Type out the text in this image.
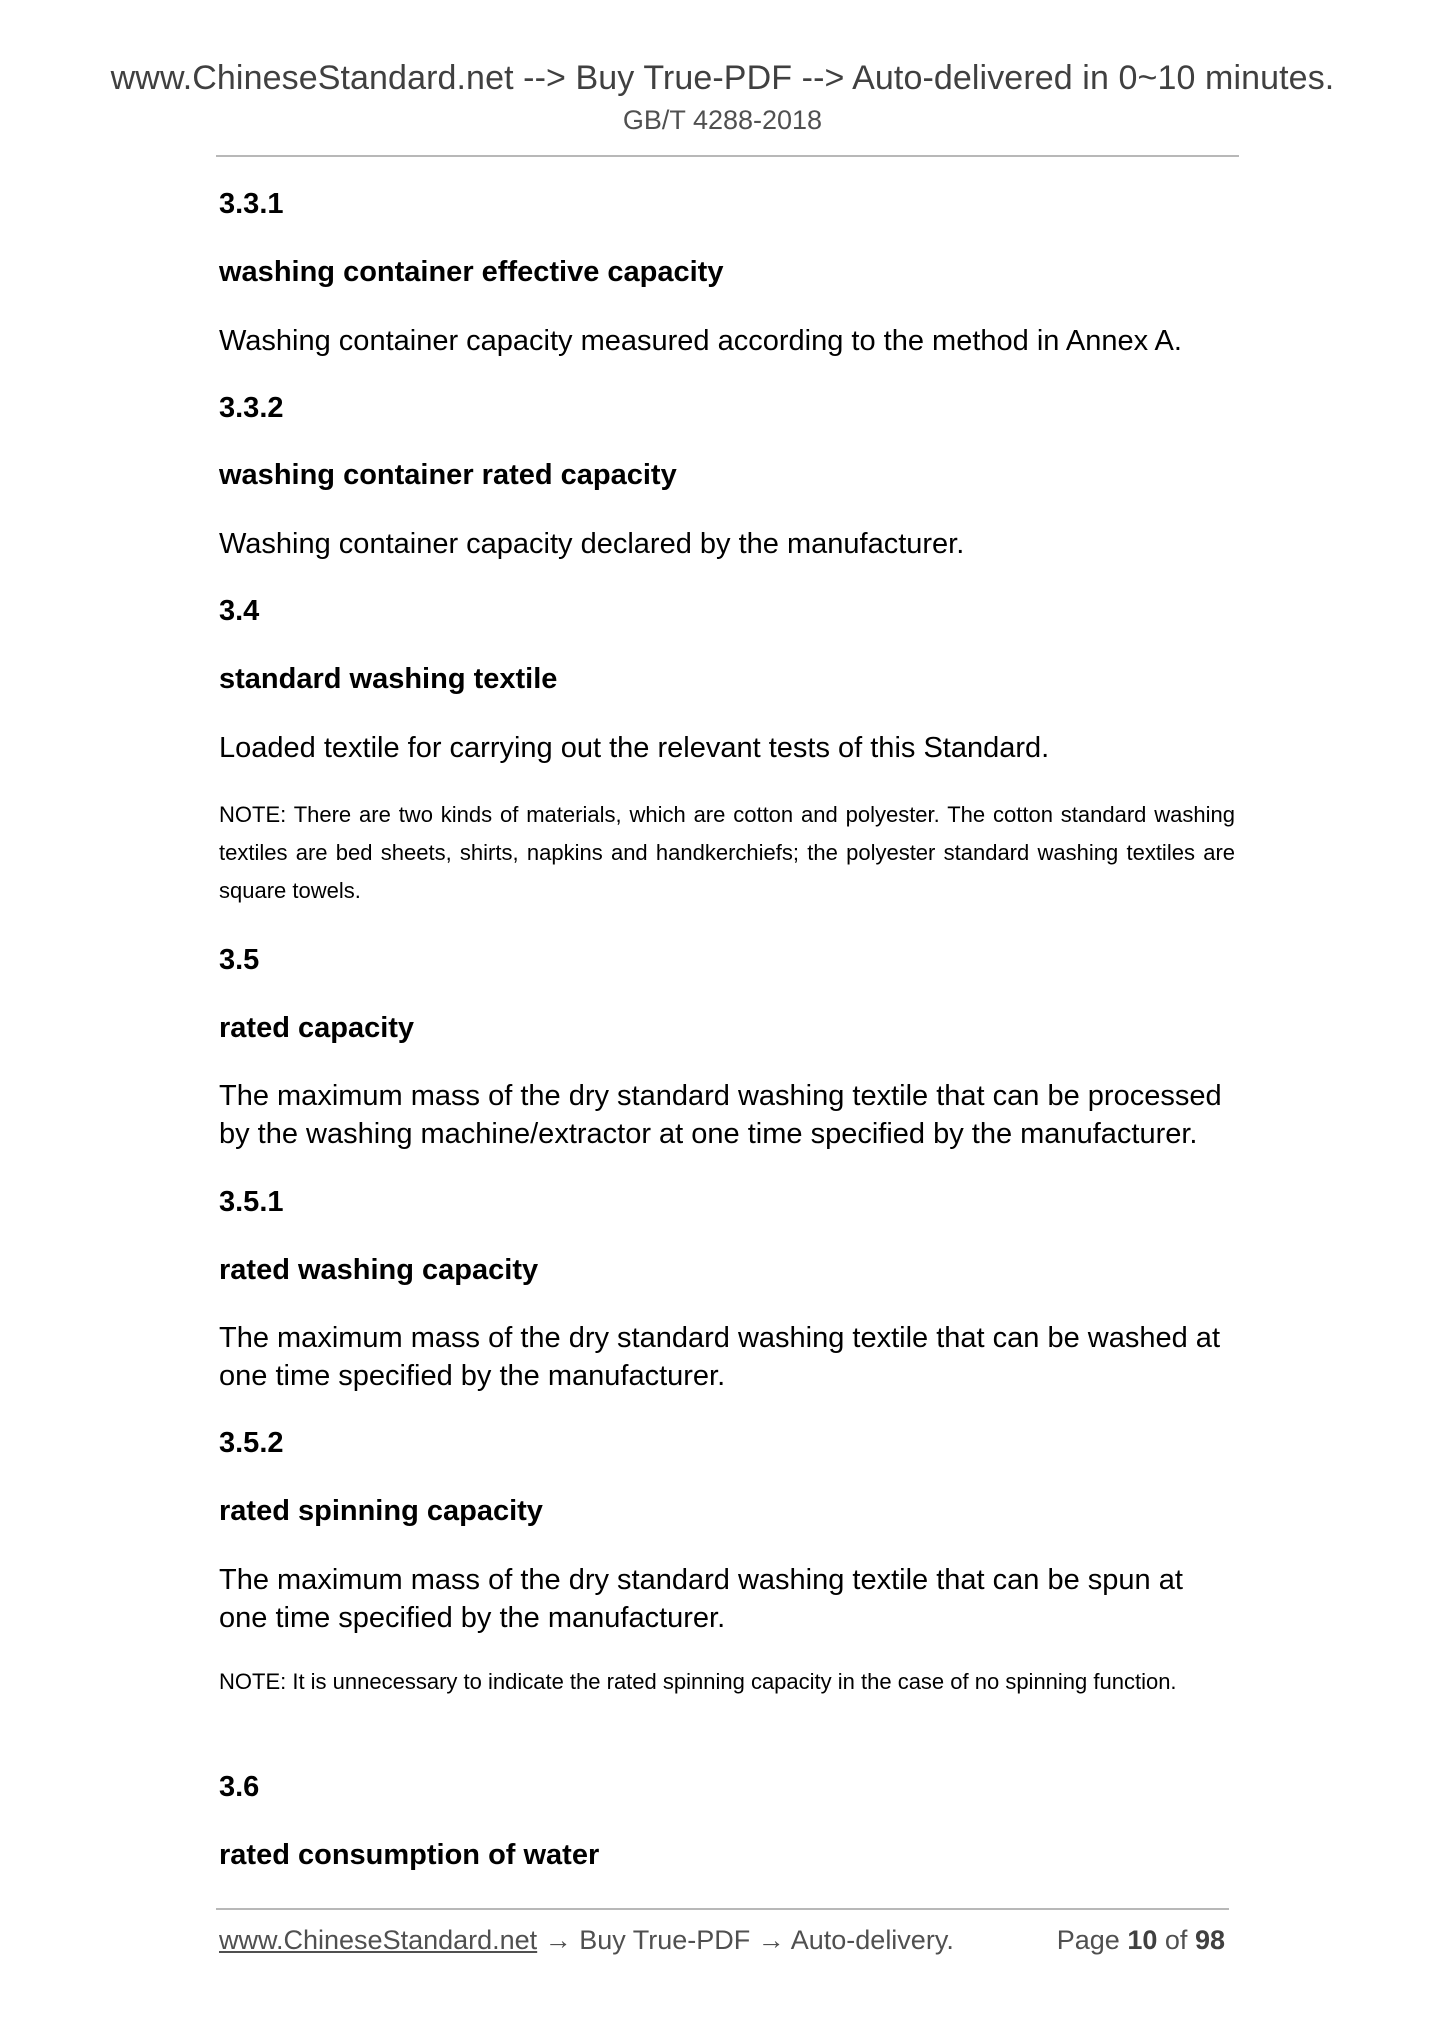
www.ChineseStandard.net --> Buy True-PDF --> Auto-delivered in 0~10 minutes.
GB/T 4288-2018

3.3.1

washing container effective capacity

Washing container capacity measured according to the method in Annex A.

3.3.2

washing container rated capacity

Washing container capacity declared by the manufacturer.

3.4

standard washing textile

Loaded textile for carrying out the relevant tests of this Standard.

NOTE: There are two kinds of materials, which are cotton and polyester. The cotton standard washing textiles are bed sheets, shirts, napkins and handkerchiefs; the polyester standard washing textiles are square towels.

3.5

rated capacity

The maximum mass of the dry standard washing textile that can be processed by the washing machine/extractor at one time specified by the manufacturer.

3.5.1

rated washing capacity

The maximum mass of the dry standard washing textile that can be washed at one time specified by the manufacturer.

3.5.2

rated spinning capacity

The maximum mass of the dry standard washing textile that can be spun at one time specified by the manufacturer.

NOTE: It is unnecessary to indicate the rated spinning capacity in the case of no spinning function.

3.6

rated consumption of water

www.ChineseStandard.net → Buy True-PDF → Auto-delivery.	Page 10 of 98
